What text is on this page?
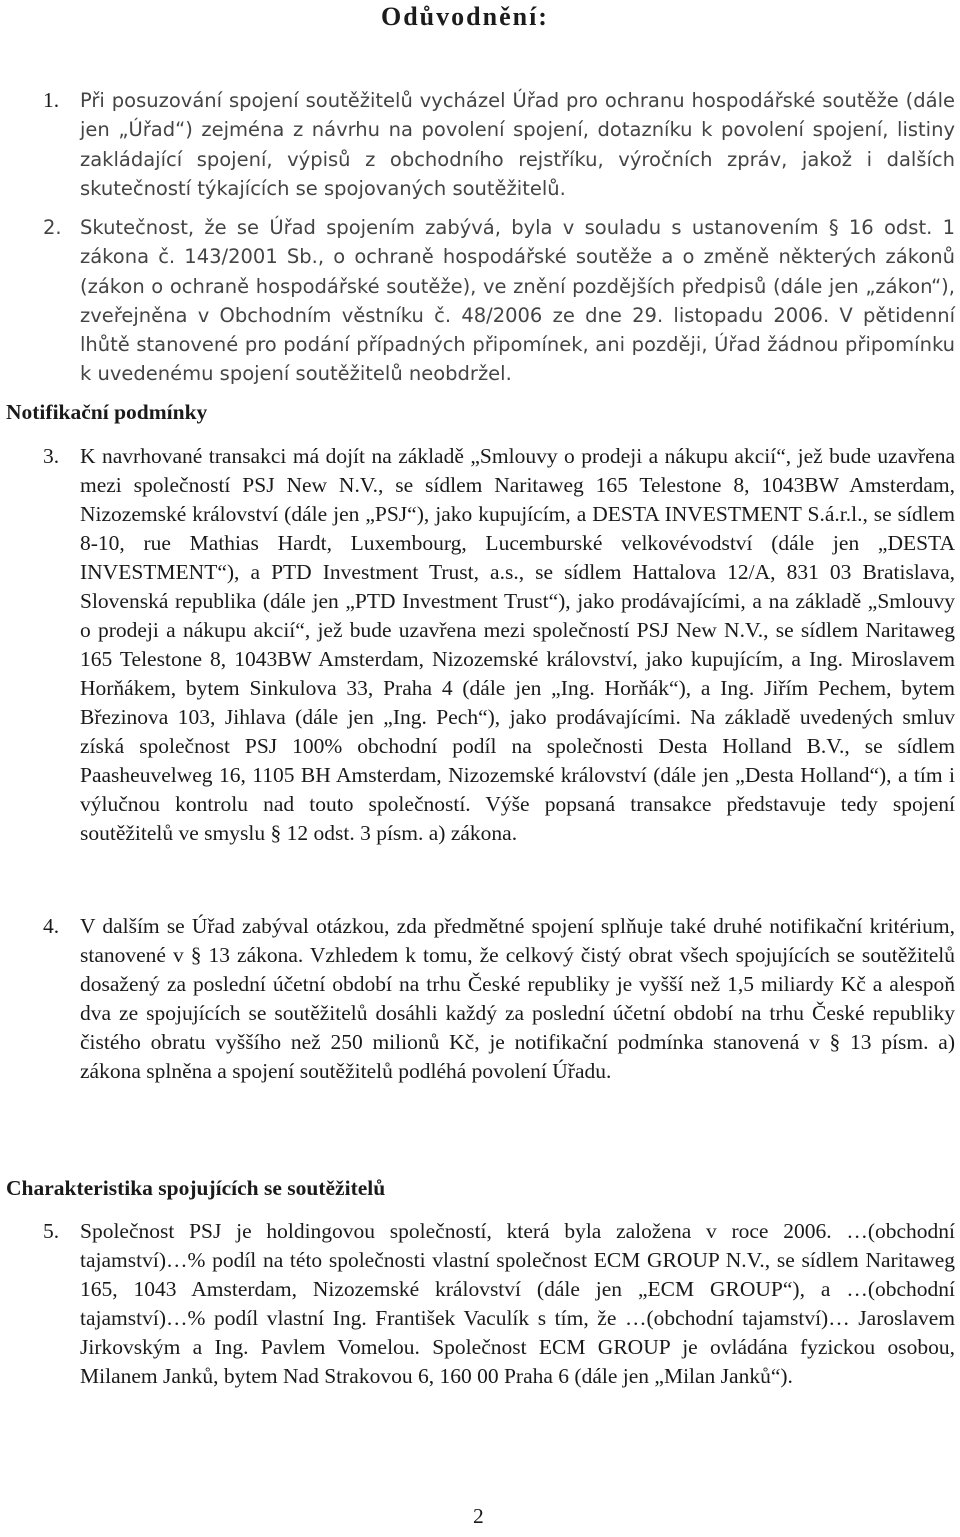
Odůvodnění:
1. Při posuzování spojení soutěžitelů vycházel Úřad pro ochranu hospodářské soutěže (dále jen „Úřad“) zejména z návrhu na povolení spojení, dotazníku k povolení spojení, listiny zakládající spojení, výpisů z obchodního rejstříku, výročních zpráv, jakož i dalších skutečností týkajících se spojovaných soutěžitelů.
2. Skutečnost, že se Úřad spojením zabývá, byla v souladu s ustanovením § 16 odst. 1 zákona č. 143/2001 Sb., o ochraně hospodářské soutěže a o změně některých zákonů (zákon o ochraně hospodářské soutěže), ve znění pozdějších předpisů (dále jen „zákon“), zveřejněna v Obchodním věstníku č. 48/2006 ze dne 29. listopadu 2006. V pětidenní lhůtě stanovené pro podání případných připomínek, ani později, Úřad žádnou připomínku k uvedenému spojení soutěžitelů neobdržel.
Notifikační podmínky
3. K navrhované transakci má dojít na základě „Smlouvy o prodeji a nákupu akcií“, jež bude uzavřena mezi společností PSJ New N.V., se sídlem Naritaweg 165 Telestone 8, 1043BW Amsterdam, Nizozemské království (dále jen „PSJ“), jako kupujícím, a DESTA INVESTMENT S.á.r.l., se sídlem 8-10, rue Mathias Hardt, Luxembourg, Lucemburské velkovévodství (dále jen „DESTA INVESTMENT“), a PTD Investment Trust, a.s., se sídlem Hattalova 12/A, 831 03 Bratislava, Slovenská republika (dále jen „PTD Investment Trust“), jako prodávajícími, a na základě „Smlouvy o prodeji a nákupu akcií“, jež bude uzavřena mezi společností PSJ New N.V., se sídlem Naritaweg 165 Telestone 8, 1043BW Amsterdam, Nizozemské království, jako kupujícím, a Ing. Miroslavem Horňákem, bytem Sinkulova 33, Praha 4 (dále jen „Ing. Horňák“), a Ing. Jiřím Pechem, bytem Březinova 103, Jihlava (dále jen „Ing. Pech“), jako prodávajícími. Na základě uvedených smluv získá společnost PSJ 100% obchodní podíl na společnosti Desta Holland B.V., se sídlem Paasheuvelweg 16, 1105 BH Amsterdam, Nizozemské království (dále jen „Desta Holland“), a tím i výlučnou kontrolu nad touto společností. Výše popsaná transakce představuje tedy spojení soutěžitelů ve smyslu § 12 odst. 3 písm. a) zákona.
4. V dalším se Úřad zabýval otázkou, zda předmětné spojení splňuje také druhé notifikační kritérium, stanovené v § 13 zákona. Vzhledem k tomu, že celkový čistý obrat všech spojujících se soutěžitelů dosažený za poslední účetní období na trhu České republiky je vyšší než 1,5 miliardy Kč a alespoň dva ze spojujících se soutěžitelů dosáhli každý za poslední účetní období na trhu České republiky čistého obratu vyššího než 250 milionů Kč, je notifikační podmínka stanovená v § 13 písm. a) zákona splněna a spojení soutěžitelů podléhá povolení Úřadu.
Charakteristika spojujících se soutěžitelů
5. Společnost PSJ je holdingovou společností, která byla založena v roce 2006. …(obchodní tajamství)…% podíl na této společnosti vlastní společnost ECM GROUP N.V., se sídlem Naritaweg 165, 1043 Amsterdam, Nizozemské království (dále jen „ECM GROUP“), a …(obchodní tajamství)…% podíl vlastní Ing. František Vaculík s tím, že …(obchodní tajamství)… Jaroslavem Jirkovským a Ing. Pavlem Vomelou. Společnost ECM GROUP je ovládána fyzickou osobou, Milanem Janků, bytem Nad Strakovou 6, 160 00 Praha 6 (dále jen „Milan Janků“).
2
